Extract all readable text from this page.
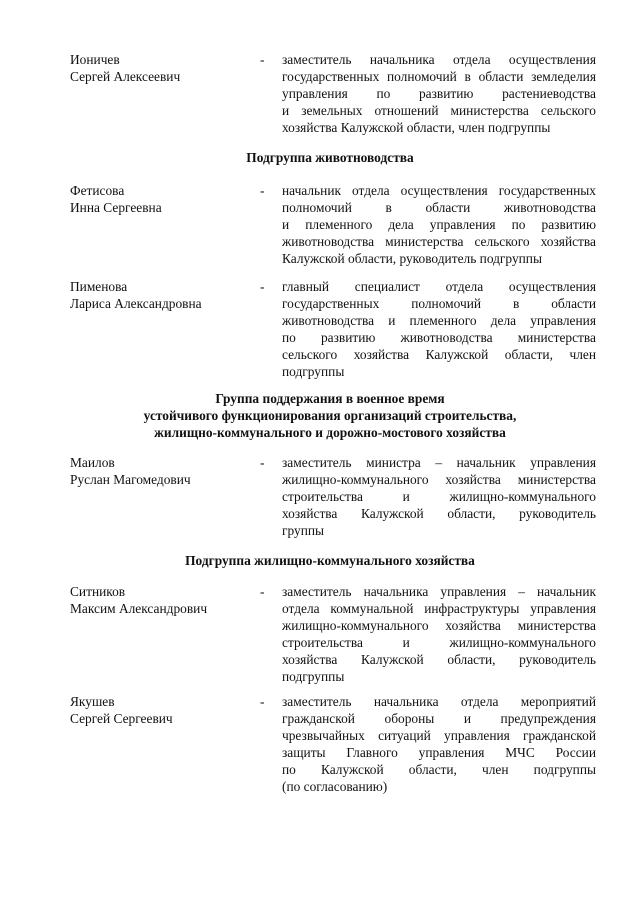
Ионичев
Сергей Алексеевич
- заместитель начальника отдела осуществления
государственных полномочий в области земледелия
управления по развитию растениеводства
и земельных отношений министерства сельского
хозяйства Калужской области, член подгруппы
Подгруппа животноводства
Фетисова
Инна Сергеевна
- начальник отдела осуществления государственных
полномочий в области животноводства
и племенного дела управления по развитию
животноводства министерства сельского хозяйства
Калужской области, руководитель подгруппы
Пименова
Лариса Александровна
- главный специалист отдела осуществления
государственных полномочий в области
животноводства и племенного дела управления
по развитию животноводства министерства
сельского хозяйства Калужской области, член
подгруппы
Группа поддержания в военное время
устойчивого функционирования организаций строительства,
жилищно-коммунального и дорожно-мостового хозяйства
Маилов
Руслан Магомедович
- заместитель министра – начальник управления
жилищно-коммунального хозяйства министерства
строительства и жилищно-коммунального
хозяйства Калужской области, руководитель
группы
Подгруппа жилищно-коммунального хозяйства
Ситников
Максим Александрович
- заместитель начальника управления – начальник
отдела коммунальной инфраструктуры управления
жилищно-коммунального хозяйства министерства
строительства и жилищно-коммунального
хозяйства Калужской области, руководитель
подгруппы
Якушев
Сергей Сергеевич
- заместитель начальника отдела мероприятий
гражданской обороны и предупреждения
чрезвычайных ситуаций управления гражданской
защиты Главного управления МЧС России
по Калужской области, член подгруппы
(по согласованию)
